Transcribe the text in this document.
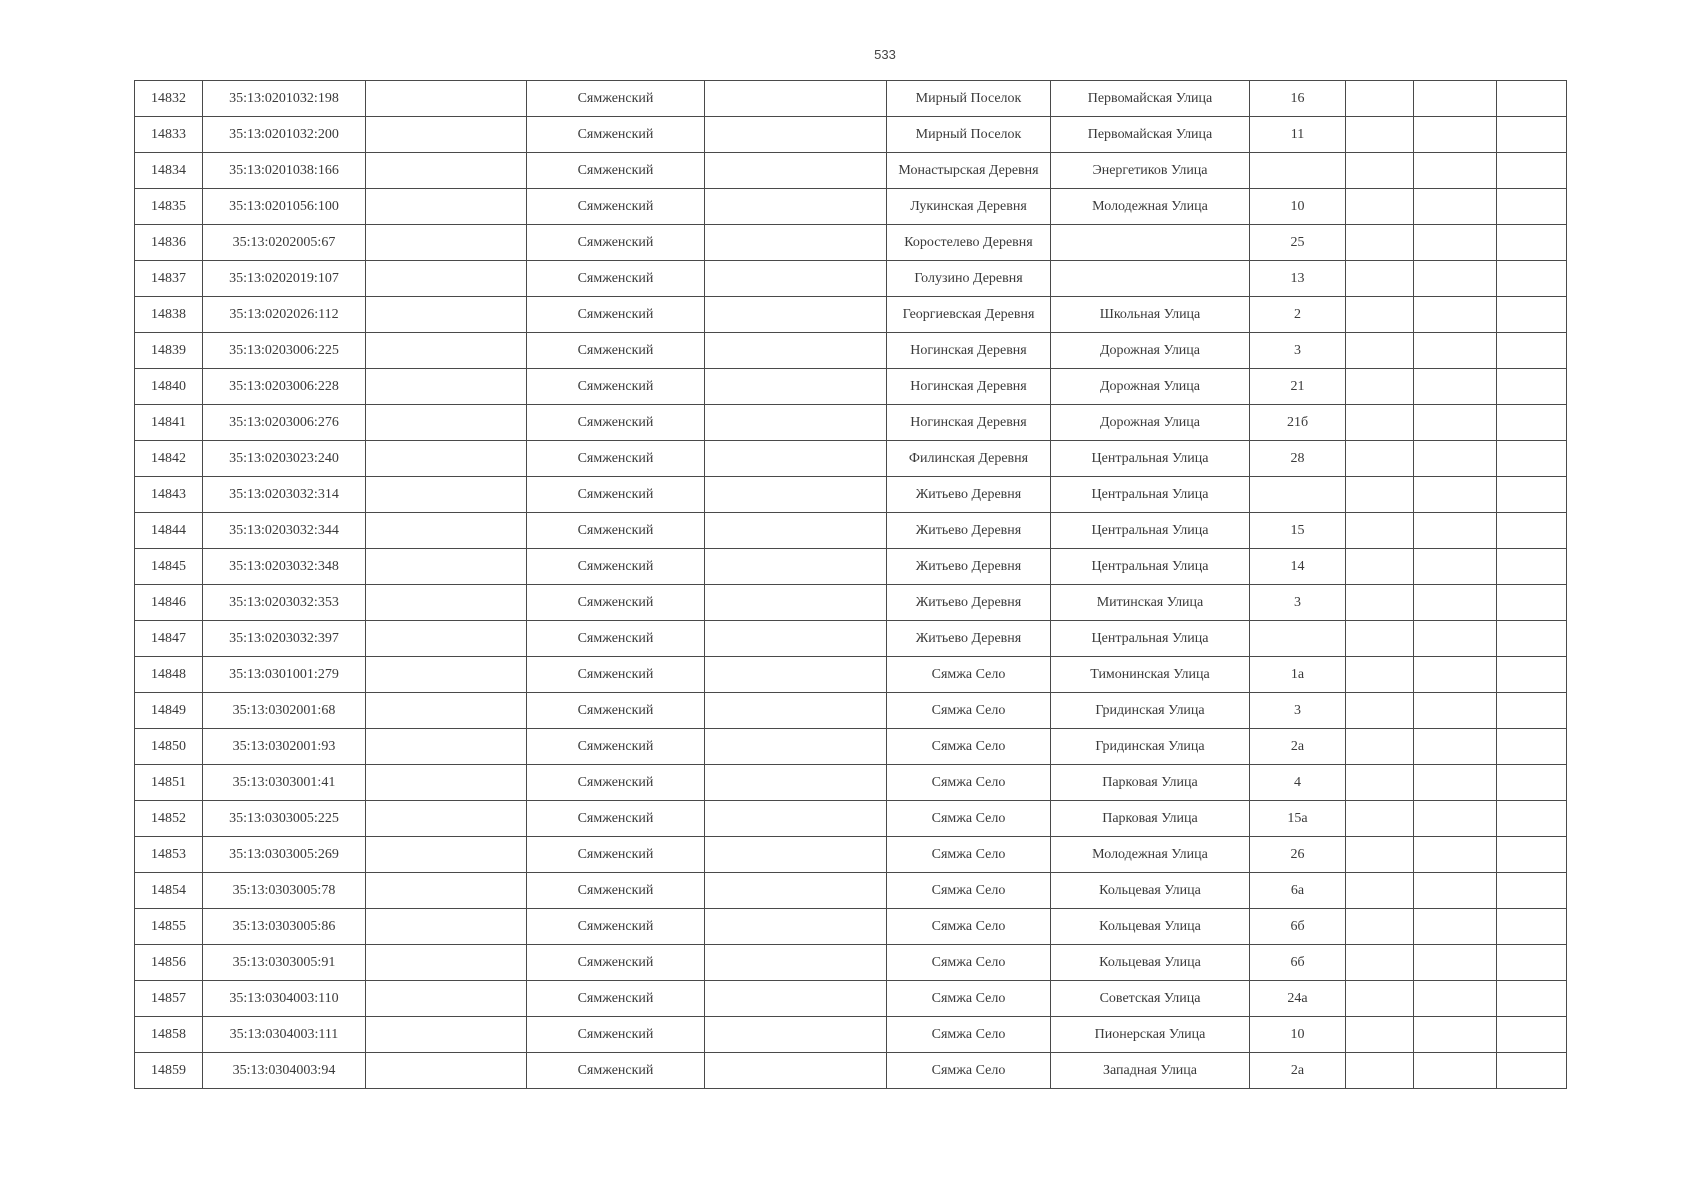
533
14832	35:13:0201032:198		Сямженский		Мирный Поселок	Первомайская Улица	16			
14833	35:13:0201032:200		Сямженский		Мирный Поселок	Первомайская Улица	11			
14834	35:13:0201038:166		Сямженский		Монастырская Деревня	Энергетиков Улица				
14835	35:13:0201056:100		Сямженский		Лукинская Деревня	Молодежная Улица	10			
14836	35:13:0202005:67		Сямженский		Коростелево Деревня		25			
14837	35:13:0202019:107		Сямженский		Голузино Деревня		13			
14838	35:13:0202026:112		Сямженский		Георгиевская Деревня	Школьная Улица	2			
14839	35:13:0203006:225		Сямженский		Ногинская Деревня	Дорожная Улица	3			
14840	35:13:0203006:228		Сямженский		Ногинская Деревня	Дорожная Улица	21			
14841	35:13:0203006:276		Сямженский		Ногинская Деревня	Дорожная Улица	21б			
14842	35:13:0203023:240		Сямженский		Филинская Деревня	Центральная Улица	28			
14843	35:13:0203032:314		Сямженский		Житьево Деревня	Центральная Улица				
14844	35:13:0203032:344		Сямженский		Житьево Деревня	Центральная Улица	15			
14845	35:13:0203032:348		Сямженский		Житьево Деревня	Центральная Улица	14			
14846	35:13:0203032:353		Сямженский		Житьево Деревня	Митинская Улица	3			
14847	35:13:0203032:397		Сямженский		Житьево Деревня	Центральная Улица				
14848	35:13:0301001:279		Сямженский		Сямжа Село	Тимонинская Улица	1а			
14849	35:13:0302001:68		Сямженский		Сямжа Село	Гридинская Улица	3			
14850	35:13:0302001:93		Сямженский		Сямжа Село	Гридинская Улица	2а			
14851	35:13:0303001:41		Сямженский		Сямжа Село	Парковая Улица	4			
14852	35:13:0303005:225		Сямженский		Сямжа Село	Парковая Улица	15а			
14853	35:13:0303005:269		Сямженский		Сямжа Село	Молодежная Улица	26			
14854	35:13:0303005:78		Сямженский		Сямжа Село	Кольцевая Улица	6а			
14855	35:13:0303005:86		Сямженский		Сямжа Село	Кольцевая Улица	6б			
14856	35:13:0303005:91		Сямженский		Сямжа Село	Кольцевая Улица	6б			
14857	35:13:0304003:110		Сямженский		Сямжа Село	Советская Улица	24а			
14858	35:13:0304003:111		Сямженский		Сямжа Село	Пионерская Улица	10			
14859	35:13:0304003:94		Сямженский		Сямжа Село	Западная Улица	2а			
